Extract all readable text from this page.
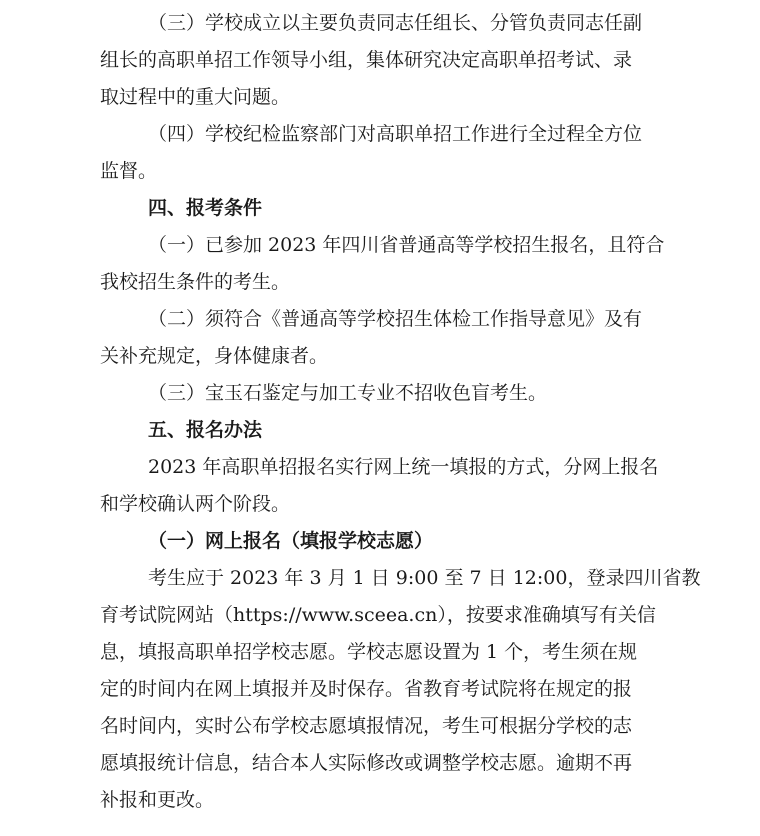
（三）学校成立以主要负责同志任组长、分管负责同志任副
组长的高职单招工作领导小组，集体研究决定高职单招考试、录
取过程中的重大问题。
（四）学校纪检监察部门对高职单招工作进行全过程全方位
监督。
四、报考条件
（一）已参加 2023 年四川省普通高等学校招生报名，且符合
我校招生条件的考生。
（二）须符合《普通高等学校招生体检工作指导意见》及有
关补充规定，身体健康者。
（三）宝玉石鉴定与加工专业不招收色盲考生。
五、报名办法
2023 年高职单招报名实行网上统一填报的方式，分网上报名
和学校确认两个阶段。
（一）网上报名（填报学校志愿）
考生应于 2023 年 3 月 1 日 9:00 至 7 日 12:00，登录四川省教
育考试院网站（https://www.sceea.cn），按要求准确填写有关信
息，填报高职单招学校志愿。学校志愿设置为 1 个，考生须在规
定的时间内在网上填报并及时保存。省教育考试院将在规定的报
名时间内，实时公布学校志愿填报情况，考生可根据分学校的志
愿填报统计信息，结合本人实际修改或调整学校志愿。逾期不再
补报和更改。
